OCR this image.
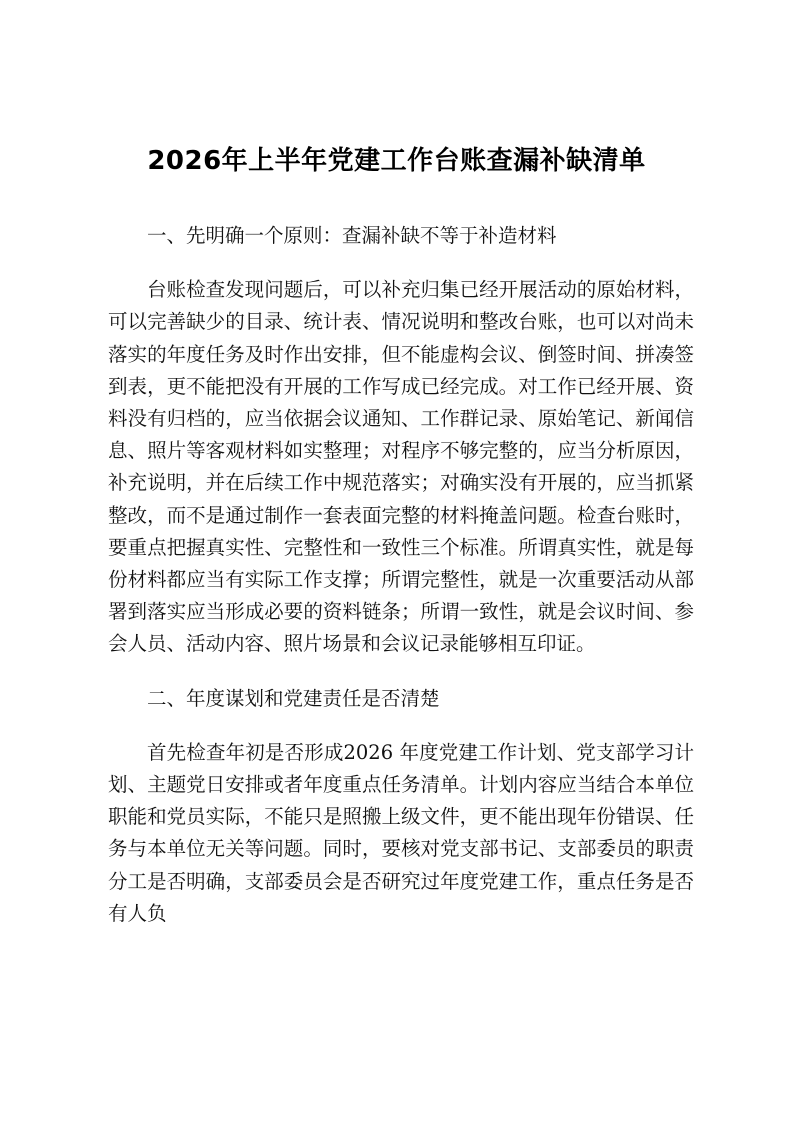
2026年上半年党建工作台账查漏补缺清单

一、先明确一个原则：查漏补缺不等于补造材料

台账检查发现问题后，可以补充归集已经开展活动的原始材料，可以完善缺少的目录、统计表、情况说明和整改台账，也可以对尚未落实的年度任务及时作出安排，但不能虚构会议、倒签时间、拼凑签到表，更不能把没有开展的工作写成已经完成。对工作已经开展、资料没有归档的，应当依据会议通知、工作群记录、原始笔记、新闻信息、照片等客观材料如实整理；对程序不够完整的，应当分析原因，补充说明，并在后续工作中规范落实；对确实没有开展的，应当抓紧整改，而不是通过制作一套表面完整的材料掩盖问题。检查台账时，要重点把握真实性、完整性和一致性三个标准。所谓真实性，就是每份材料都应当有实际工作支撑；所谓完整性，就是一次重要活动从部署到落实应当形成必要的资料链条；所谓一致性，就是会议时间、参会人员、活动内容、照片场景和会议记录能够相互印证。

二、年度谋划和党建责任是否清楚

首先检查年初是否形成2026 年度党建工作计划、党支部学习计划、主题党日安排或者年度重点任务清单。计划内容应当结合本单位职能和党员实际，不能只是照搬上级文件，更不能出现年份错误、任务与本单位无关等问题。同时，要核对党支部书记、支部委员的职责分工是否明确，支部委员会是否研究过年度党建工作，重点任务是否有人负
